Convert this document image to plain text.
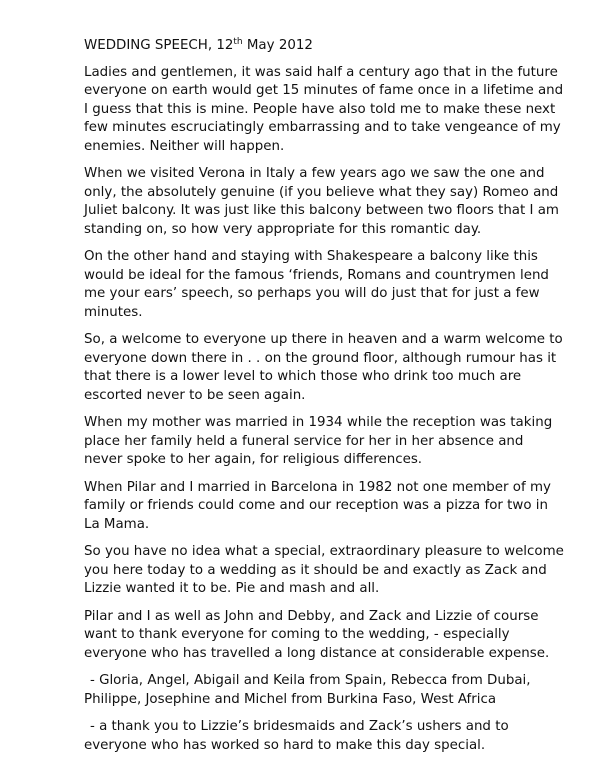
WEDDING SPEECH, 12th May 2012

Ladies and gentlemen, it was said half a century ago that in the future everyone on earth would get 15 minutes of fame once in a lifetime and I guess that this is mine. People have also told me to make these next few minutes escruciatingly embarrassing and to take vengeance of my enemies. Neither will happen.

When we visited Verona in Italy a few years ago we saw the one and only, the absolutely genuine (if you believe what they say) Romeo and Juliet balcony. It was just like this balcony between two floors that I am standing on, so how very appropriate for this romantic day.

On the other hand and staying with Shakespeare a balcony like this would be ideal for the famous ‘friends, Romans and countrymen lend me your ears’ speech, so perhaps you will do just that for just a few minutes.

So, a welcome to everyone up there in heaven and a warm welcome to everyone down there in . . on the ground floor, although rumour has it that there is a lower level to which those who drink too much are escorted never to be seen again.

When my mother was married in 1934 while the reception was taking place her family held a funeral service for her in her absence and never spoke to her again, for religious differences.

When Pilar and I married in Barcelona in 1982 not one member of my family or friends could come and our reception was a pizza for two in La Mama.

So you have no idea what a special, extraordinary pleasure to welcome you here today to a wedding as it should be and exactly as Zack and Lizzie wanted it to be. Pie and mash and all.

Pilar and I as well as John and Debby, and Zack and Lizzie of course want to thank everyone for coming to the wedding, - especially everyone who has travelled a long distance at considerable expense.

- Gloria, Angel, Abigail and Keila from Spain, Rebecca from Dubai, Philippe, Josephine and Michel from Burkina Faso, West Africa

- a thank you to Lizzie’s bridesmaids and Zack’s ushers and to everyone who has worked so hard to make this day special.
